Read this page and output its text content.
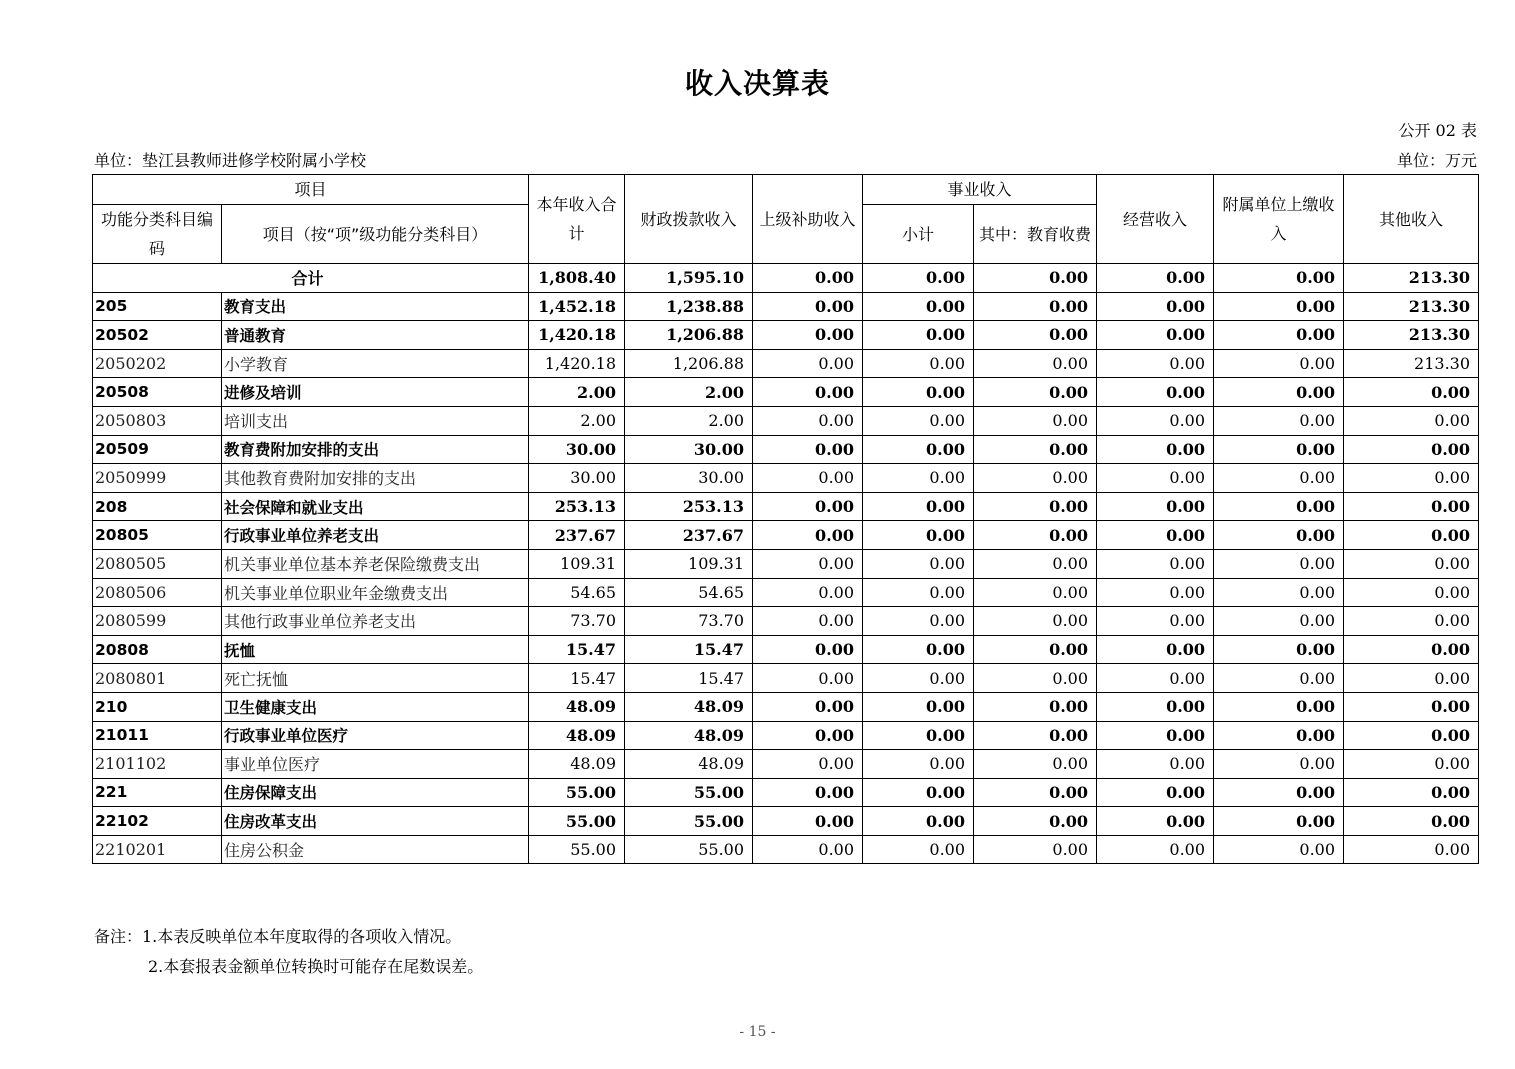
收入决算表
公开 02 表
单位：垫江县教师进修学校附属小学校	单位：万元
项目		本年收入合计	财政拨款收入	上级补助收入	事业收入		经营收入	附属单位上缴收入	其他收入
功能分类科目编码	项目（按“项”级功能分类科目）				小计	其中：教育收费			
合计		1,808.40	1,595.10	0.00	0.00	0.00	0.00	0.00	213.30
205	教育支出	1,452.18	1,238.88	0.00	0.00	0.00	0.00	0.00	213.30
20502	普通教育	1,420.18	1,206.88	0.00	0.00	0.00	0.00	0.00	213.30
2050202	小学教育	1,420.18	1,206.88	0.00	0.00	0.00	0.00	0.00	213.30
20508	进修及培训	2.00	2.00	0.00	0.00	0.00	0.00	0.00	0.00
2050803	培训支出	2.00	2.00	0.00	0.00	0.00	0.00	0.00	0.00
20509	教育费附加安排的支出	30.00	30.00	0.00	0.00	0.00	0.00	0.00	0.00
2050999	其他教育费附加安排的支出	30.00	30.00	0.00	0.00	0.00	0.00	0.00	0.00
208	社会保障和就业支出	253.13	253.13	0.00	0.00	0.00	0.00	0.00	0.00
20805	行政事业单位养老支出	237.67	237.67	0.00	0.00	0.00	0.00	0.00	0.00
2080505	机关事业单位基本养老保险缴费支出	109.31	109.31	0.00	0.00	0.00	0.00	0.00	0.00
2080506	机关事业单位职业年金缴费支出	54.65	54.65	0.00	0.00	0.00	0.00	0.00	0.00
2080599	其他行政事业单位养老支出	73.70	73.70	0.00	0.00	0.00	0.00	0.00	0.00
20808	抚恤	15.47	15.47	0.00	0.00	0.00	0.00	0.00	0.00
2080801	死亡抚恤	15.47	15.47	0.00	0.00	0.00	0.00	0.00	0.00
210	卫生健康支出	48.09	48.09	0.00	0.00	0.00	0.00	0.00	0.00
21011	行政事业单位医疗	48.09	48.09	0.00	0.00	0.00	0.00	0.00	0.00
2101102	事业单位医疗	48.09	48.09	0.00	0.00	0.00	0.00	0.00	0.00
221	住房保障支出	55.00	55.00	0.00	0.00	0.00	0.00	0.00	0.00
22102	住房改革支出	55.00	55.00	0.00	0.00	0.00	0.00	0.00	0.00
2210201	住房公积金	55.00	55.00	0.00	0.00	0.00	0.00	0.00	0.00
备注：1.本表反映单位本年度取得的各项收入情况。
2.本套报表金额单位转换时可能存在尾数误差。
- 15 -
